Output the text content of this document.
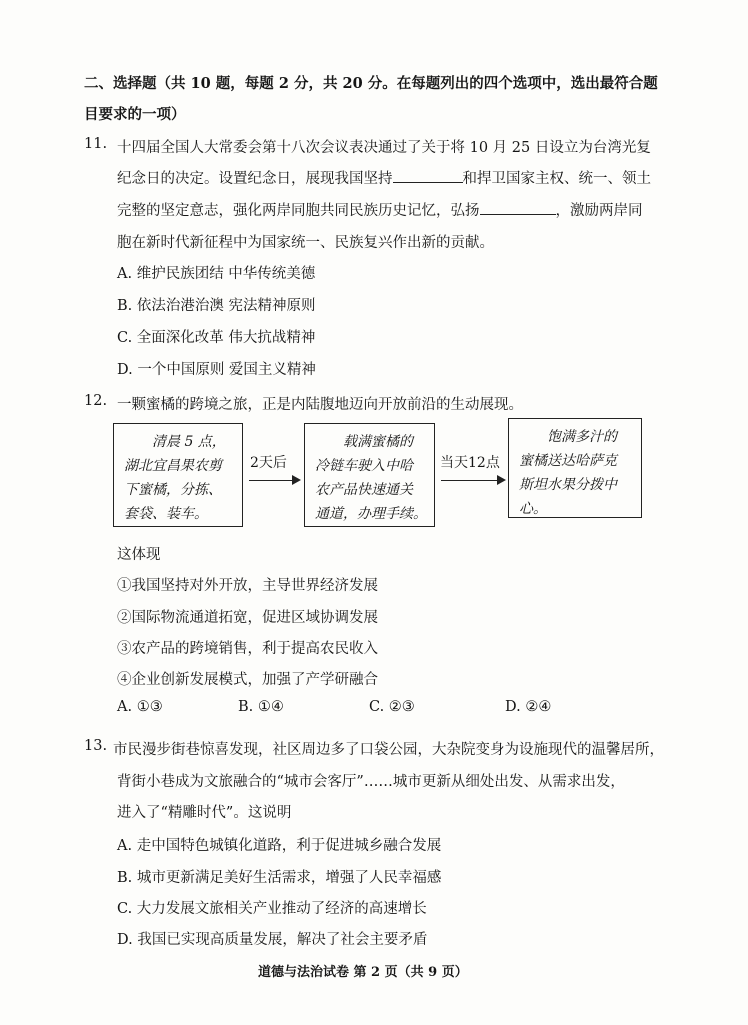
二、选择题（共 10 题，每题 2 分，共 20 分。在每题列出的四个选项中，选出最符合题
目要求的一项）
11. 十四届全国人大常委会第十八次会议表决通过了关于将 10 月 25 日设立为台湾光复
纪念日的决定。设置纪念日，展现我国坚持	和捍卫国家主权、统一、领土
完整的坚定意志，强化两岸同胞共同民族历史记忆，弘扬	，激励两岸同
胞在新时代新征程中为国家统一、民族复兴作出新的贡献。
A. 维护民族团结 中华传统美德
B. 依法治港治澳 宪法精神原则
C. 全面深化改革 伟大抗战精神
D. 一个中国原则 爱国主义精神
12. 一颗蜜橘的跨境之旅，正是内陆腹地迈向开放前沿的生动展现。
清晨 5 点，
湖北宜昌果农剪
下蜜橘，分拣、
套袋、装车。
2天后
载满蜜橘的
冷链车驶入中哈
农产品快速通关
通道，办理手续。
当天12点
饱满多汁的
蜜橘送达哈萨克
斯坦水果分拨中
心。
这体现
①我国坚持对外开放，主导世界经济发展
②国际物流通道拓宽，促进区域协调发展
③农产品的跨境销售，利于提高农民收入
④企业创新发展模式，加强了产学研融合
A. ①③	B. ①④	C. ②③	D. ②④
13. 市民漫步街巷惊喜发现，社区周边多了口袋公园，大杂院变身为设施现代的温馨居所，
背街小巷成为文旅融合的“城市会客厅”……城市更新从细处出发、从需求出发，
进入了“精雕时代”。这说明
A. 走中国特色城镇化道路，利于促进城乡融合发展
B. 城市更新满足美好生活需求，增强了人民幸福感
C. 大力发展文旅相关产业推动了经济的高速增长
D. 我国已实现高质量发展，解决了社会主要矛盾
道德与法治试卷 第 2 页（共 9 页）
